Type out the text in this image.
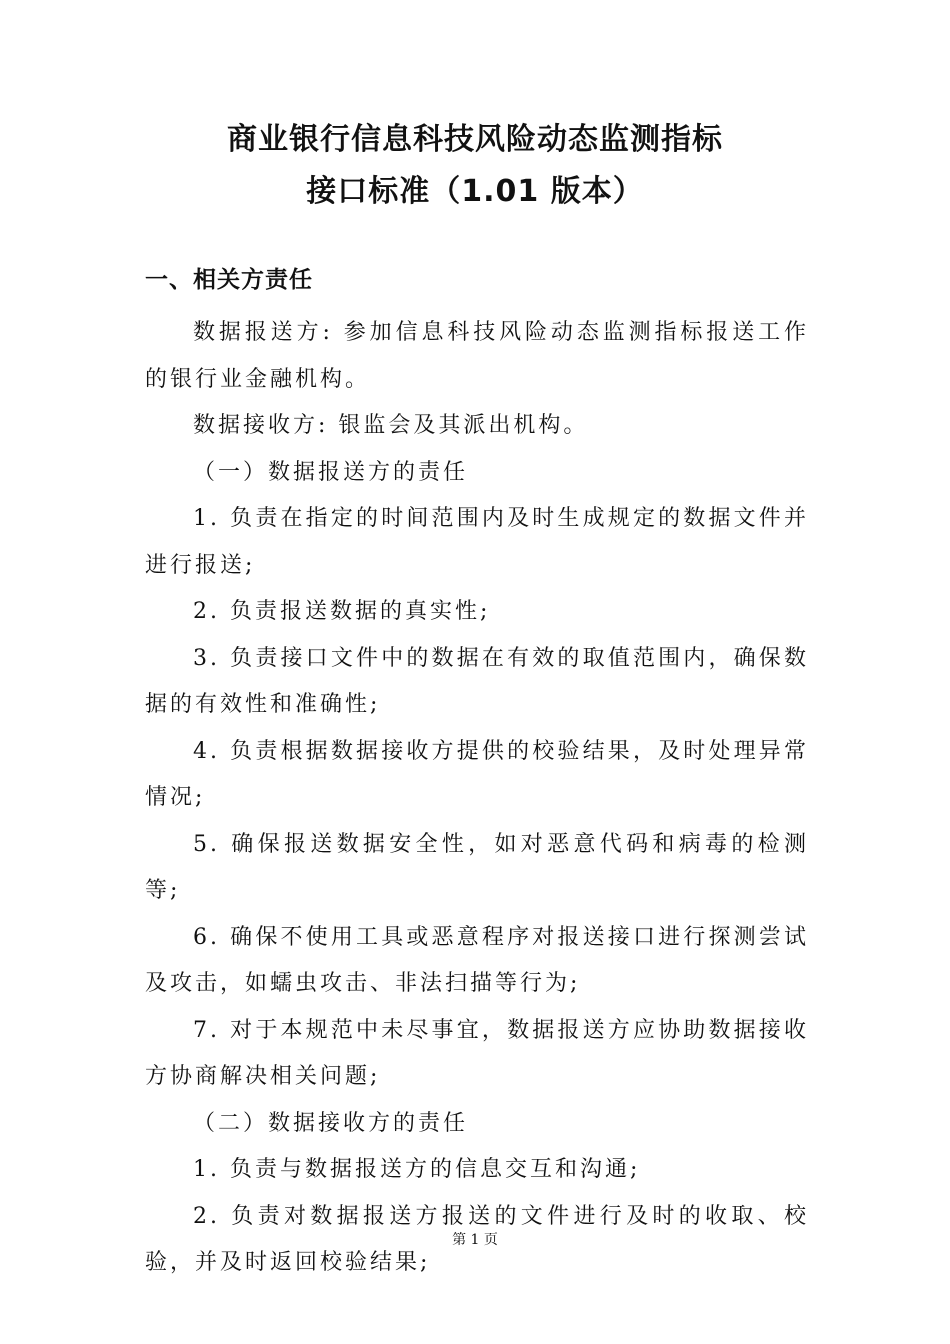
商业银行信息科技风险动态监测指标
接口标准（1.01 版本）
一、相关方责任

数据报送方: 参加信息科技风险动态监测指标报送工作的银行业金融机构。

数据接收方: 银监会及其派出机构。

（一）数据报送方的责任

1. 负责在指定的时间范围内及时生成规定的数据文件并进行报送;

2. 负责报送数据的真实性;

3. 负责接口文件中的数据在有效的取值范围内，确保数据的有效性和准确性;

4. 负责根据数据接收方提供的校验结果，及时处理异常情况;

5. 确保报送数据安全性，如对恶意代码和病毒的检测等;

6. 确保不使用工具或恶意程序对报送接口进行探测尝试及攻击，如蠕虫攻击、非法扫描等行为;

7. 对于本规范中未尽事宜，数据报送方应协助数据接收方协商解决相关问题;

（二）数据接收方的责任

1. 负责与数据报送方的信息交互和沟通;

2. 负责对数据报送方报送的文件进行及时的收取、校验，并及时返回校验结果;

第 1 页
